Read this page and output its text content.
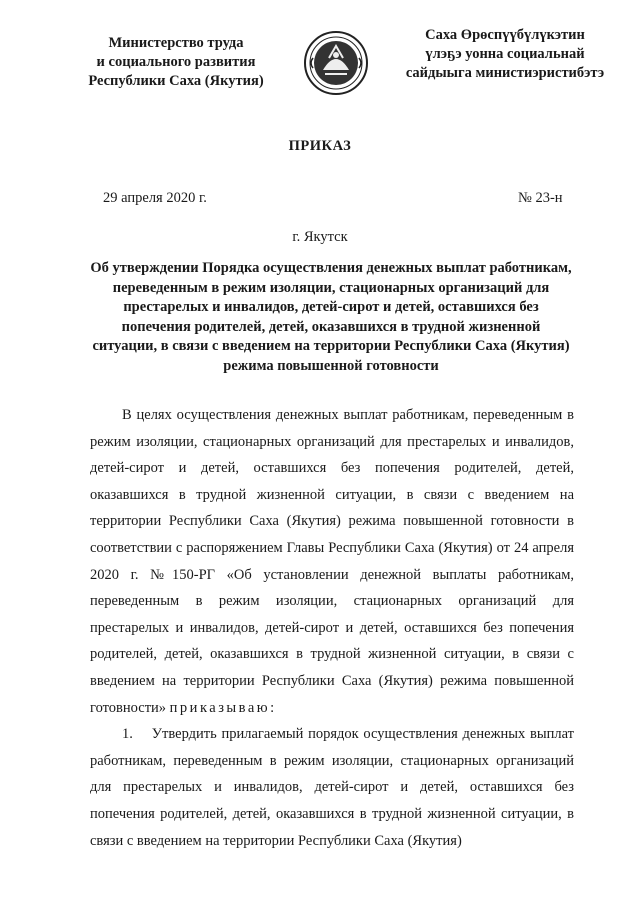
Министерство труда
и социального развития
Республики Саха (Якутия)
Саха Өрөспүүбүлүкэтин
үлэҕэ уонна социальнай
сайдыыга министиэристибэтэ
ПРИКАЗ
29 апреля 2020 г.	№ 23-н
г. Якутск
Об утверждении Порядка осуществления денежных выплат работникам, переведенным в режим изоляции, стационарных организаций для престарелых и инвалидов, детей-сирот и детей, оставшихся без попечения родителей, детей, оказавшихся в трудной жизненной ситуации, в связи с введением на территории Республики Саха (Якутия) режима повышенной готовности

В целях осуществления денежных выплат работникам, переведенным в режим изоляции, стационарных организаций для престарелых и инвалидов, детей-сирот и детей, оставшихся без попечения родителей, детей, оказавшихся в трудной жизненной ситуации, в связи с введением на территории Республики Саха (Якутия) режима повышенной готовности в соответствии с распоряжением Главы Республики Саха (Якутия) от 24 апреля 2020 г. №150-РГ «Об установлении денежной выплаты работникам, переведенным в режим изоляции, стационарных организаций для престарелых и инвалидов, детей-сирот и детей, оставшихся без попечения родителей, детей, оказавшихся в трудной жизненной ситуации, в связи с введением на территории Республики Саха (Якутия) режима повышенной готовности» приказываю:

1.    Утвердить прилагаемый порядок осуществления денежных выплат работникам, переведенным в режим изоляции, стационарных организаций для престарелых и инвалидов, детей-сирот и детей, оставшихся без попечения родителей, детей, оказавшихся в трудной жизненной ситуации, в связи с введением на территории Республики Саха (Якутия)
